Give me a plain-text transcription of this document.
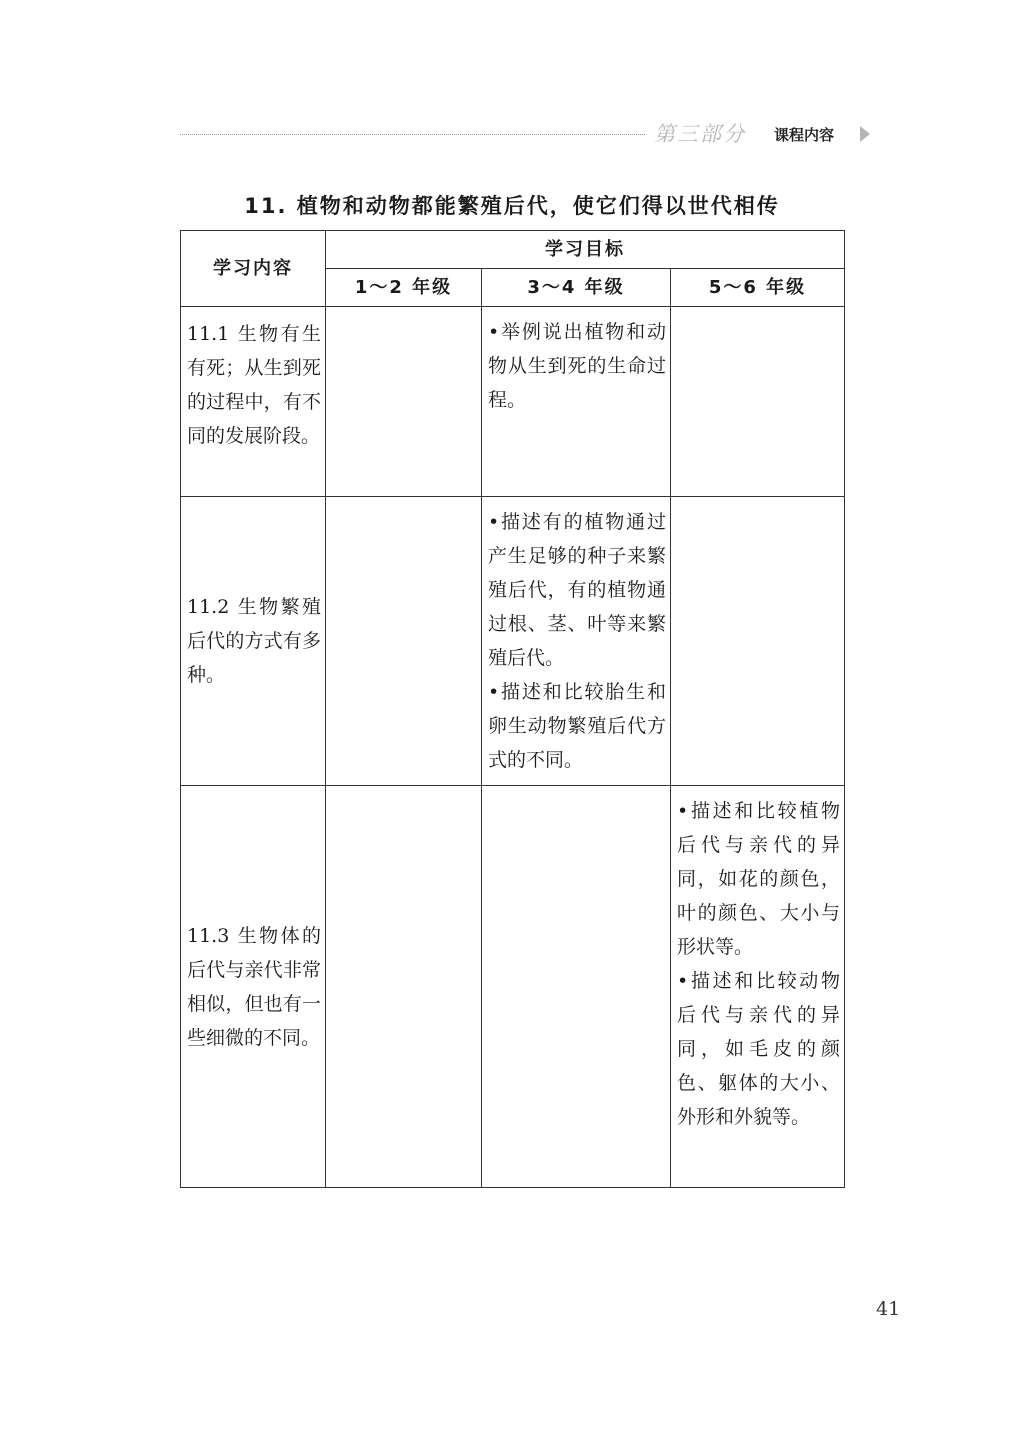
第三部分 课程内容
11. 植物和动物都能繁殖后代，使它们得以世代相传
学习内容	学习目标		
	1～2 年级	3～4 年级	5～6 年级
11.1 生物有生有死；从生到死的过程中，有不同的发展阶段。		•举例说出植物和动物从生到死的生命过程。	

11.2 生物繁殖后代的方式有多种。		•描述有的植物通过产生足够的种子来繁殖后代，有的植物通过根、茎、叶等来繁殖后代。

•描述和比较胎生和卵生动物繁殖后代方式的不同。	

11.3 生物体的后代与亲代非常相似，但也有一些细微的不同。			•描述和比较植物后代与亲代的异同，如花的颜色，叶的颜色、大小与形状等。

•描述和比较动物后代与亲代的异同，如毛皮的颜色、躯体的大小、外形和外貌等。

41
